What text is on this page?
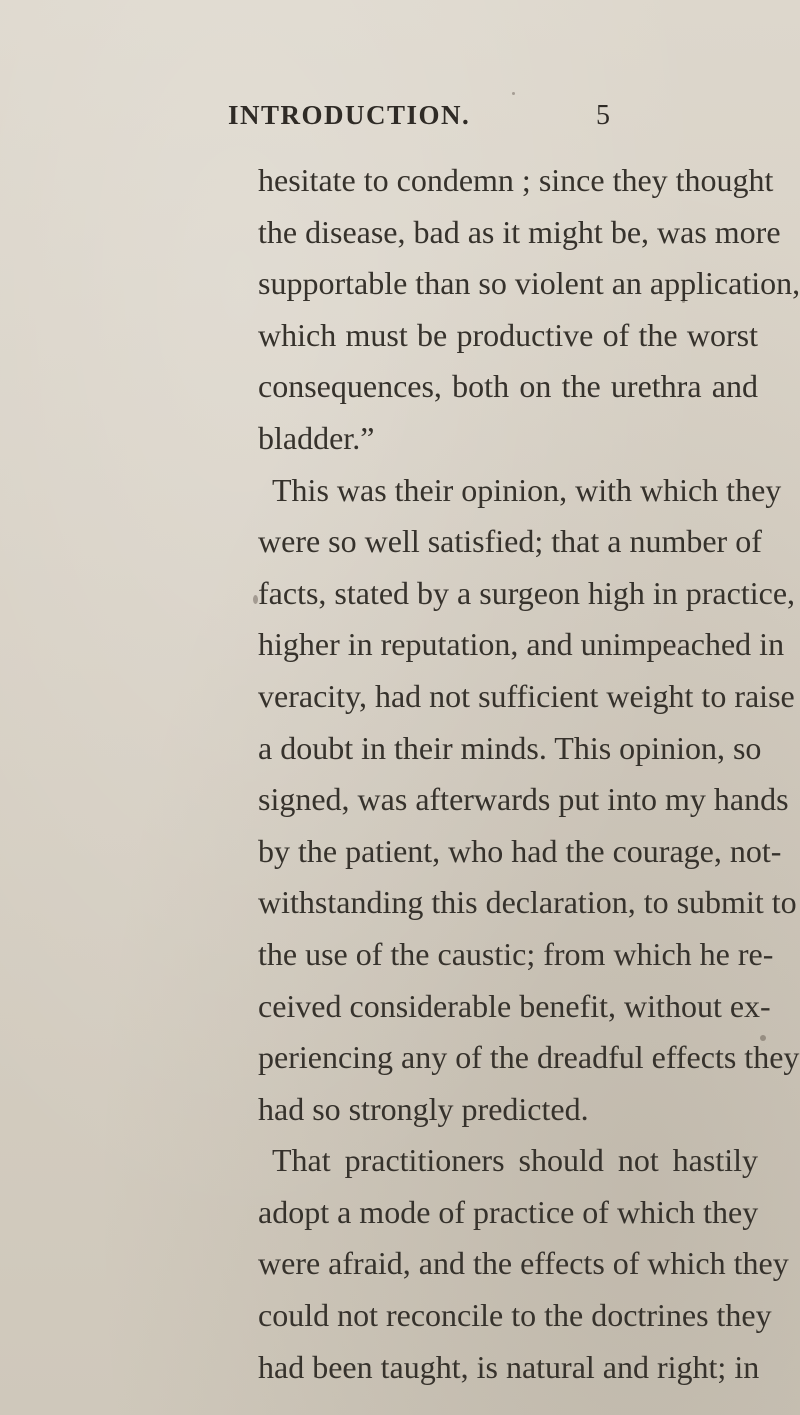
INTRODUCTION.	5
hesitate to condemn ; since they thought
the disease, bad as it might be, was more
supportable than so violent an application,
which must be productive of the worst
consequences, both on the urethra and
bladder.”
This was their opinion, with which they
were so well satisfied; that a number of
facts, stated by a surgeon high in practice,
higher in reputation, and unimpeached in
veracity, had not sufficient weight to raise
a doubt in their minds. This opinion, so
signed, was afterwards put into my hands
by the patient, who had the courage, not-
withstanding this declaration, to submit to
the use of the caustic; from which he re-
ceived considerable benefit, without ex-
periencing any of the dreadful effects they
had so strongly predicted.
That practitioners should not hastily
adopt a mode of practice of which they
were afraid, and the effects of which they
could not reconcile to the doctrines they
had been taught, is natural and right; in
